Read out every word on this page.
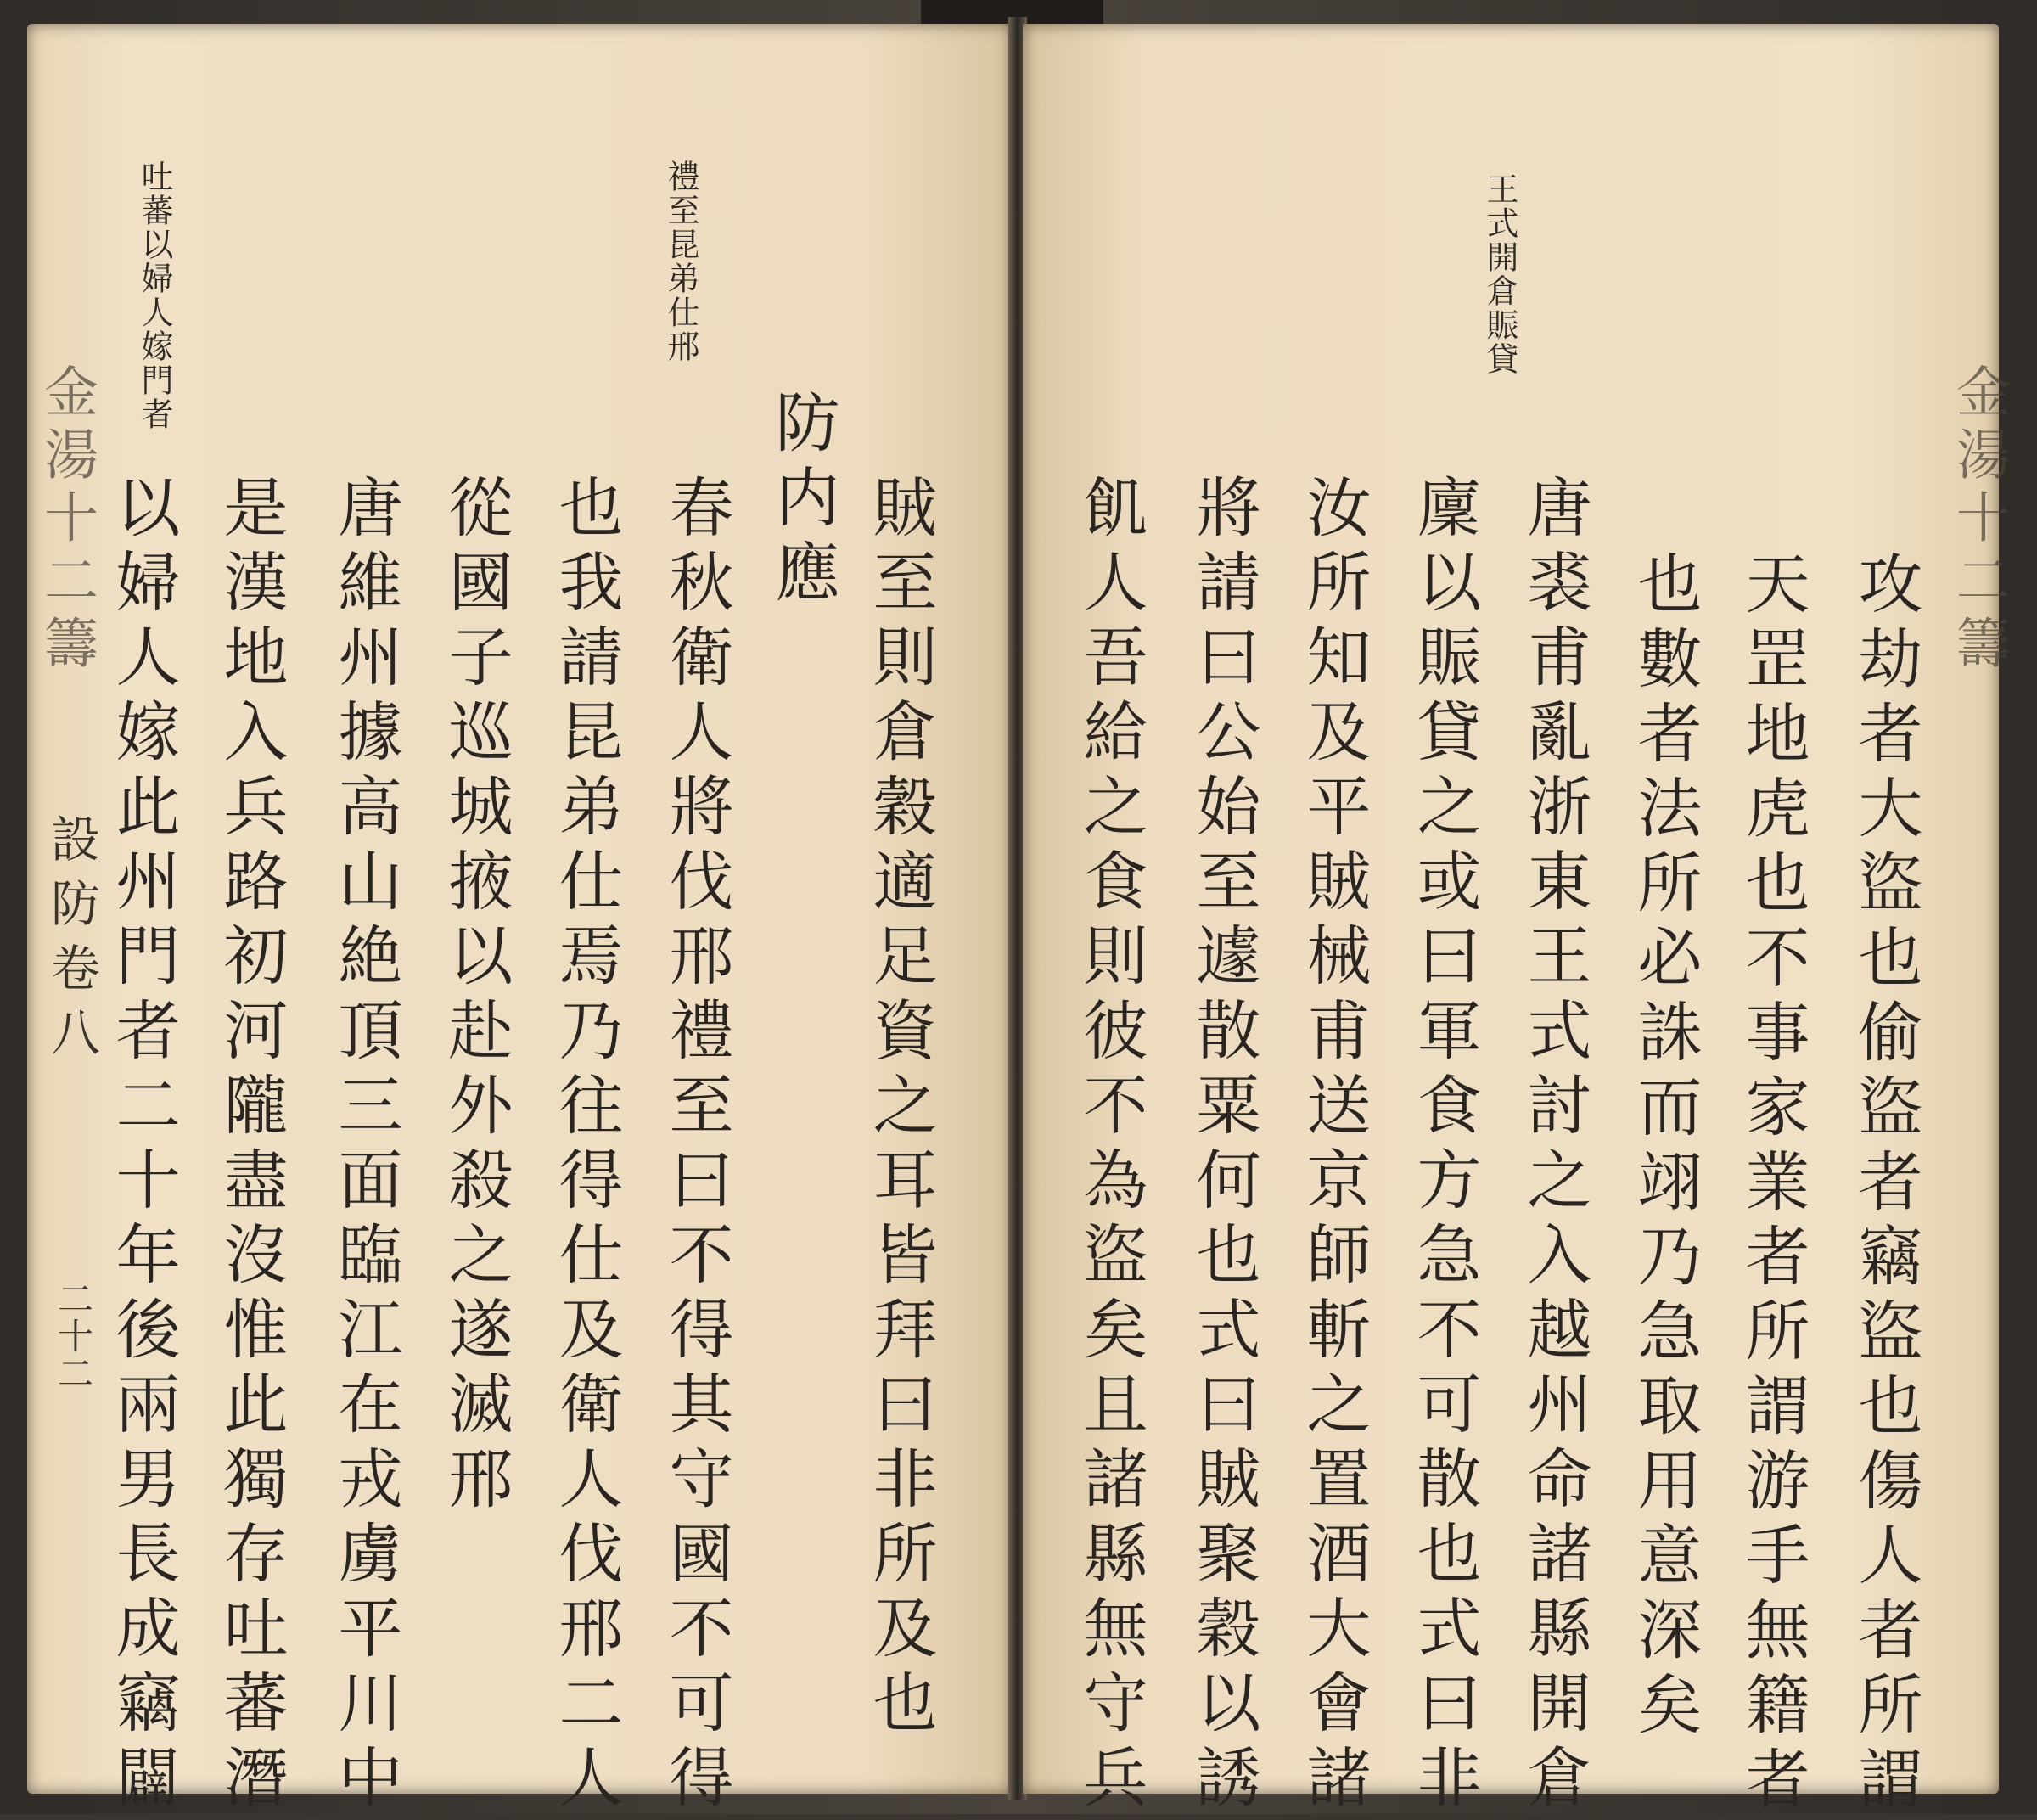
金湯十二籌
設防卷八
二十二
吐蕃以婦人嫁門者	禮至昆弟仕邢
防内應 賊至則倉穀適足資之耳皆拜曰非所及也
春秋衛人將伐邢禮至曰不得其守國不可得
也我請昆弟仕焉乃往得仕及衛人伐邢二人
從國子巡城掖以赴外殺之遂滅邢
唐維州據高山絶頂三面臨江在戎虜平川中
是漢地入兵路初河隴盡沒惟此獨存吐蕃潛
以婦人嫁此州門者二十年後兩男長成竊闢	金湯十二籌
王式開倉賑貸
攻劫者大盜也偷盜者竊盜也傷人者所謂
天罡地虎也不事家業者所謂游手無籍者
也數者法所必誅而翊乃急取用意深矣
唐裘甫亂浙東王式討之入越州命諸縣開倉
廩以賑貸之或曰軍食方急不可散也式曰非
汝所知及平賊械甫送京師斬之置酒大會諸
將請曰公始至遽散粟何也式曰賊聚穀以誘
飢人吾給之食則彼不為盜矣且諸縣無守兵
